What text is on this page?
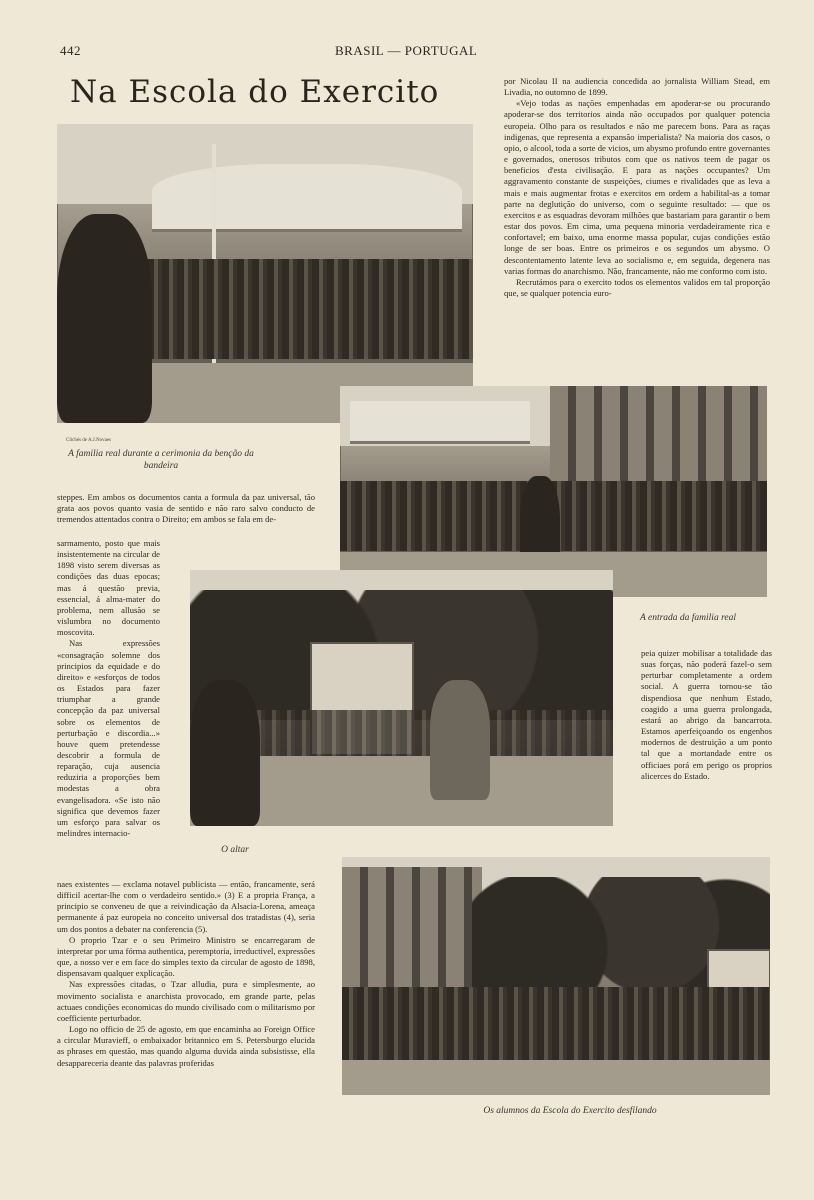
442	BRASIL — PORTUGAL
Na Escola do Exercito
Clichés de A.J.Novaes
A familia real durante a cerimonia da benção da bandeira

por Nicolau II na audiencia concedida ao jornalista William Stead, em Livadia, no outomno de 1899.

«Vejo todas as nações empenhadas em apoderar-se ou procurando apoderar-se dos territorios ainda não occupados por qualquer potencia europeia. Olho para os resultados e não me parecem bons. Para as raças indigenas, que representa a expansão imperialista? Na maioria dos casos, o opio, o alcool, toda a sorte de vicios, um abysmo profundo entre governantes e governados, onerosos tributos com que os nativos teem de pagar os beneficios d'esta civilisação. E para as nações occupantes? Um aggravamento constante de suspeições, ciumes e rivalidades que as leva a mais e mais augmentar frotas e exercitos em ordem a habilital-as a tomar parte na deglutição do universo, com o seguinte resultado: — que os exercitos e as esquadras devoram milhões que bastariam para garantir o bem estar dos povos. Em cima, uma pequena minoria verdadeiramente rica e confortavel; em baixo, uma enorme massa popular, cujas condições estão longe de ser boas. Entre os primeiros e os segundos um abysmo. O descontentamento latente leva ao socialismo e, em seguida, degenera nas varias formas do anarchismo. Não, francamente, não me conformo com isto.

Recrutámos para o exercito todos os elementos validos em tal proporção que, se qualquer potencia euro-

A entrada da familia real

steppes. Em ambos os documentos canta a formula da paz universal, tão grata aos povos quanto vasia de sentido e não raro salvo conducto de tremendos attentados contra o Direito; em ambos se fala em de-

sarmamento, posto que mais insistentemente na circular de 1898 visto serem diversas as condições das duas epocas; mas á questão previa, essencial, á alma-mater do problema, nem allusão se vislumbra no documento moscovita.

Nas expressões «consagração solemne dos principios da equidade e do direito» e «esforços de todos os Estados para fazer triumphar a grande concepção da paz universal sobre os elementos de perturbação e discordia...» houve quem pretendesse descobrir a formula de reparação, cuja ausencia reduziria a proporções bem modestas a obra evangelisadora. «Se isto não significa que devemos fazer um esforço para salvar os melindres internacio-

O altar

peia quizer mobilisar a totalidade das suas forças, não poderá fazel-o sem perturbar completamente a ordem social. A guerra tornou-se tão dispendiosa que nenhum Estado, coagido a uma guerra prolongada, estará ao abrigo da bancarrota. Estamos aperfeiçoando os engenhos modernos de destruição a um ponto tal que a mortandade entre os officiaes porá em perigo os proprios alicerces do Estado.

naes existentes — exclama notavel publicista — então, francamente, será difficil acertar-lhe com o verdadeiro sentido.» (3) E a propria França, a principio se conveneu de que a reivindicação da Alsacia-Lorena, ameaça permanente á paz europeia no conceito universal dos tratadistas (4), seria um dos pontos a debater na conferencia (5).

O proprio Tzar e o seu Primeiro Ministro se encarregaram de interpretar por uma fórma authentica, peremptoria, irreductivel, expressões que, a nosso ver e em face do simples texto da circular de agosto de 1898, dispensavam qualquer explicação.

Nas expressões citadas, o Tzar alludia, pura e simplesmente, ao movimento socialista e anarchista provocado, em grande parte, pelas actuaes condições economicas do mundo civilisado com o militarismo por coefficiente perturbador.

Logo no officio de 25 de agosto, em que encaminha ao Foreign Office a circular Muravieff, o embaixador britannico em S. Petersburgo elucida as phrases em questão, mas quando alguma duvida ainda subsistisse, ella desappareceria deante das palavras proferidas

Os alumnos da Escola do Exercito desfilando
